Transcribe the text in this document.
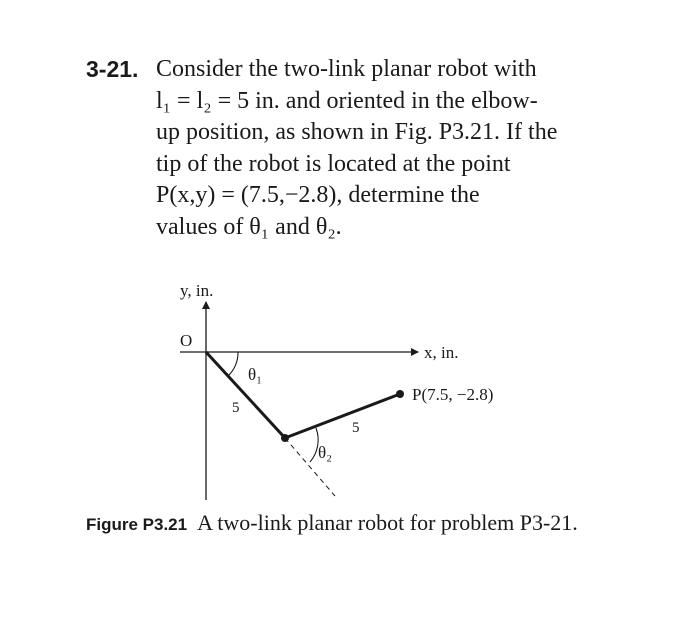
3-21. Consider the two-link planar robot with
l₁ = l₂ = 5 in. and oriented in the elbow-
up position, as shown in Fig. P3.21. If the
tip of the robot is located at the point
P(x,y) = (7.5,−2.8), determine the
values of θ₁ and θ₂.
y, in.
x, in.
O
5
θ₁
5
θ₂
P(7.5, −2.8)
Figure P3.21 A two-link planar robot for problem P3-21.
